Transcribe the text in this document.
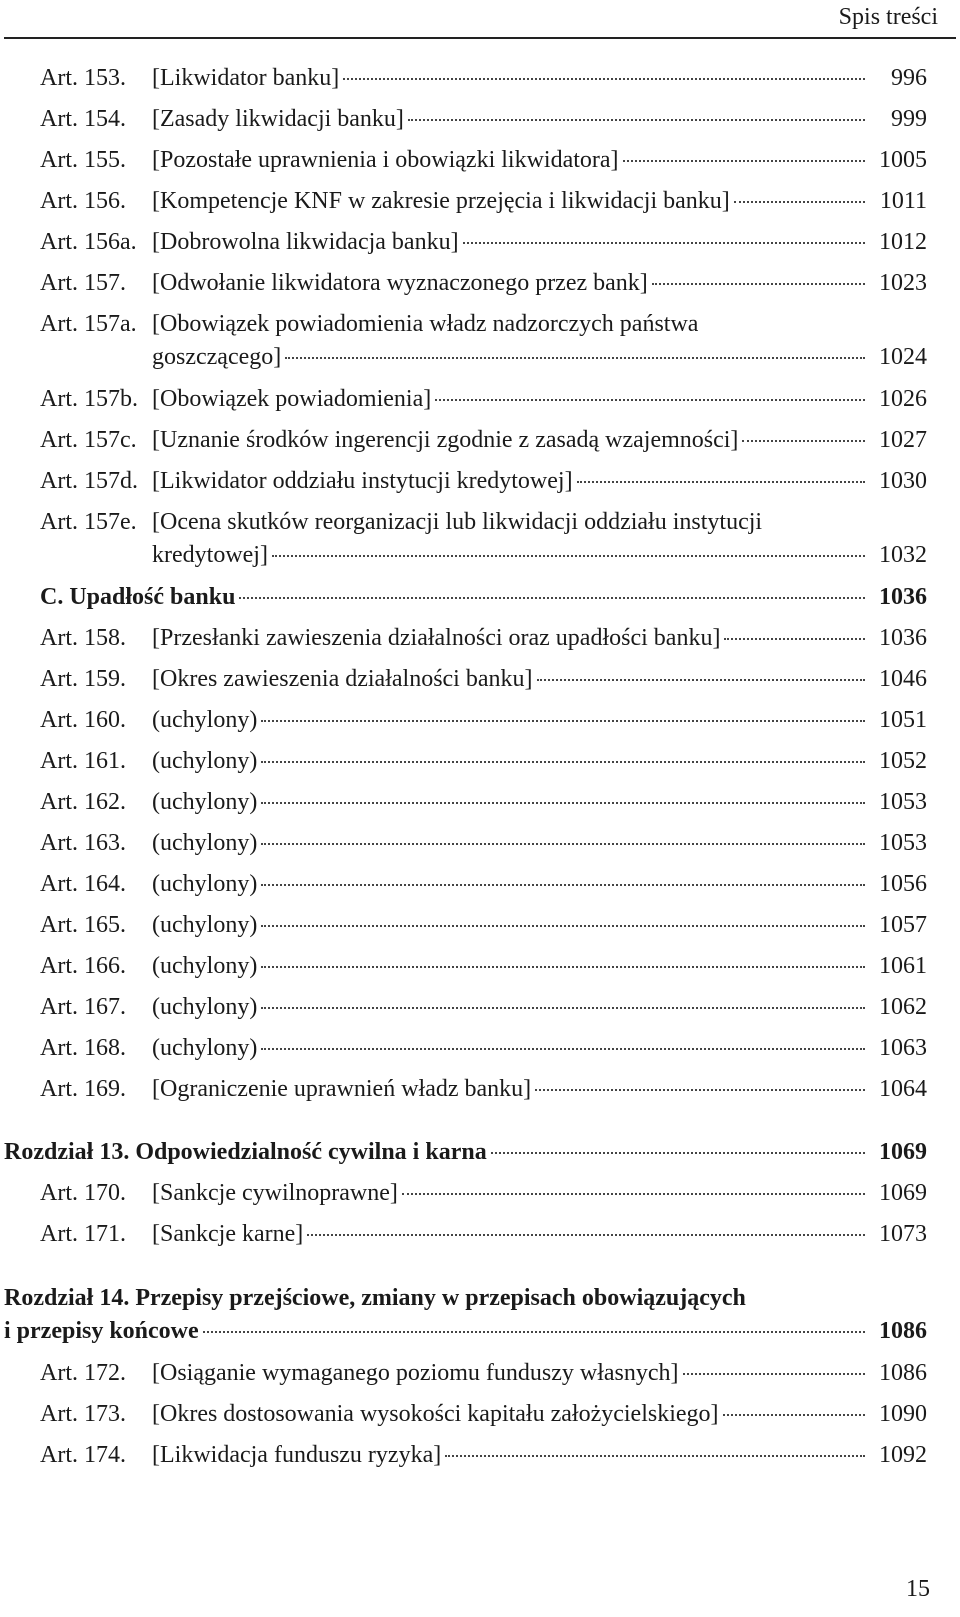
Spis treści
Art. 153.	[Likwidator banku]	996
Art. 154.	[Zasady likwidacji banku]	999
Art. 155.	[Pozostałe uprawnienia i obowiązki likwidatora]	1005
Art. 156.	[Kompetencje KNF w zakresie przejęcia i likwidacji banku]	1011
Art. 156a. [Dobrowolna likwidacja banku]	1012
Art. 157.	[Odwołanie likwidatora wyznaczonego przez bank]	1023
Art. 157a. [Obowiązek powiadomienia władz nadzorczych państwa
goszczącego]	1024
Art. 157b. [Obowiązek powiadomienia]	1026
Art. 157c. [Uznanie środków ingerencji zgodnie z zasadą wzajemności]	1027
Art. 157d. [Likwidator oddziału instytucji kredytowej]	1030
Art. 157e. [Ocena skutków reorganizacji lub likwidacji oddziału instytucji
kredytowej]	1032
C. Upadłość banku	1036
Art. 158.	[Przesłanki zawieszenia działalności oraz upadłości banku]	1036
Art. 159.	[Okres zawieszenia działalności banku]	1046
Art. 160.	(uchylony)	1051
Art. 161.	(uchylony)	1052
Art. 162.	(uchylony)	1053
Art. 163.	(uchylony)	1053
Art. 164.	(uchylony)	1056
Art. 165.	(uchylony)	1057
Art. 166.	(uchylony)	1061
Art. 167.	(uchylony)	1062
Art. 168.	(uchylony)	1063
Art. 169.	[Ograniczenie uprawnień władz banku]	1064
Rozdział 13. Odpowiedzialność cywilna i karna	1069
Art. 170.	[Sankcje cywilnoprawne]	1069
Art. 171.	[Sankcje karne]	1073
Rozdział 14. Przepisy przejściowe, zmiany w przepisach obowiązujących
i przepisy końcowe	1086
Art. 172.	[Osiąganie wymaganego poziomu funduszy własnych]	1086
Art. 173.	[Okres dostosowania wysokości kapitału założycielskiego]	1090
Art. 174.	[Likwidacja funduszu ryzyka]	1092
15
